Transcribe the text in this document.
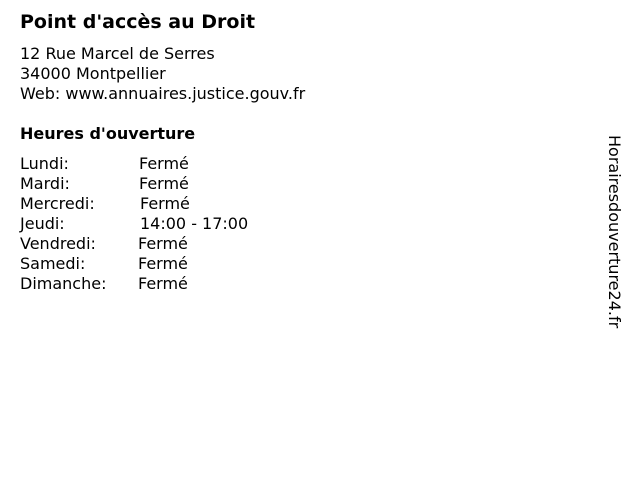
Point d'accès au Droit
12 Rue Marcel de Serres
34000 Montpellier
Web: www.annuaires.justice.gouv.fr
Heures d'ouverture
Lundi:	Fermé
Mardi:	Fermé
Mercredi:	Fermé
Jeudi:	14:00 - 17:00
Vendredi:	Fermé
Samedi:	Fermé
Dimanche: Fermé	Horairesdouverture24.fr
